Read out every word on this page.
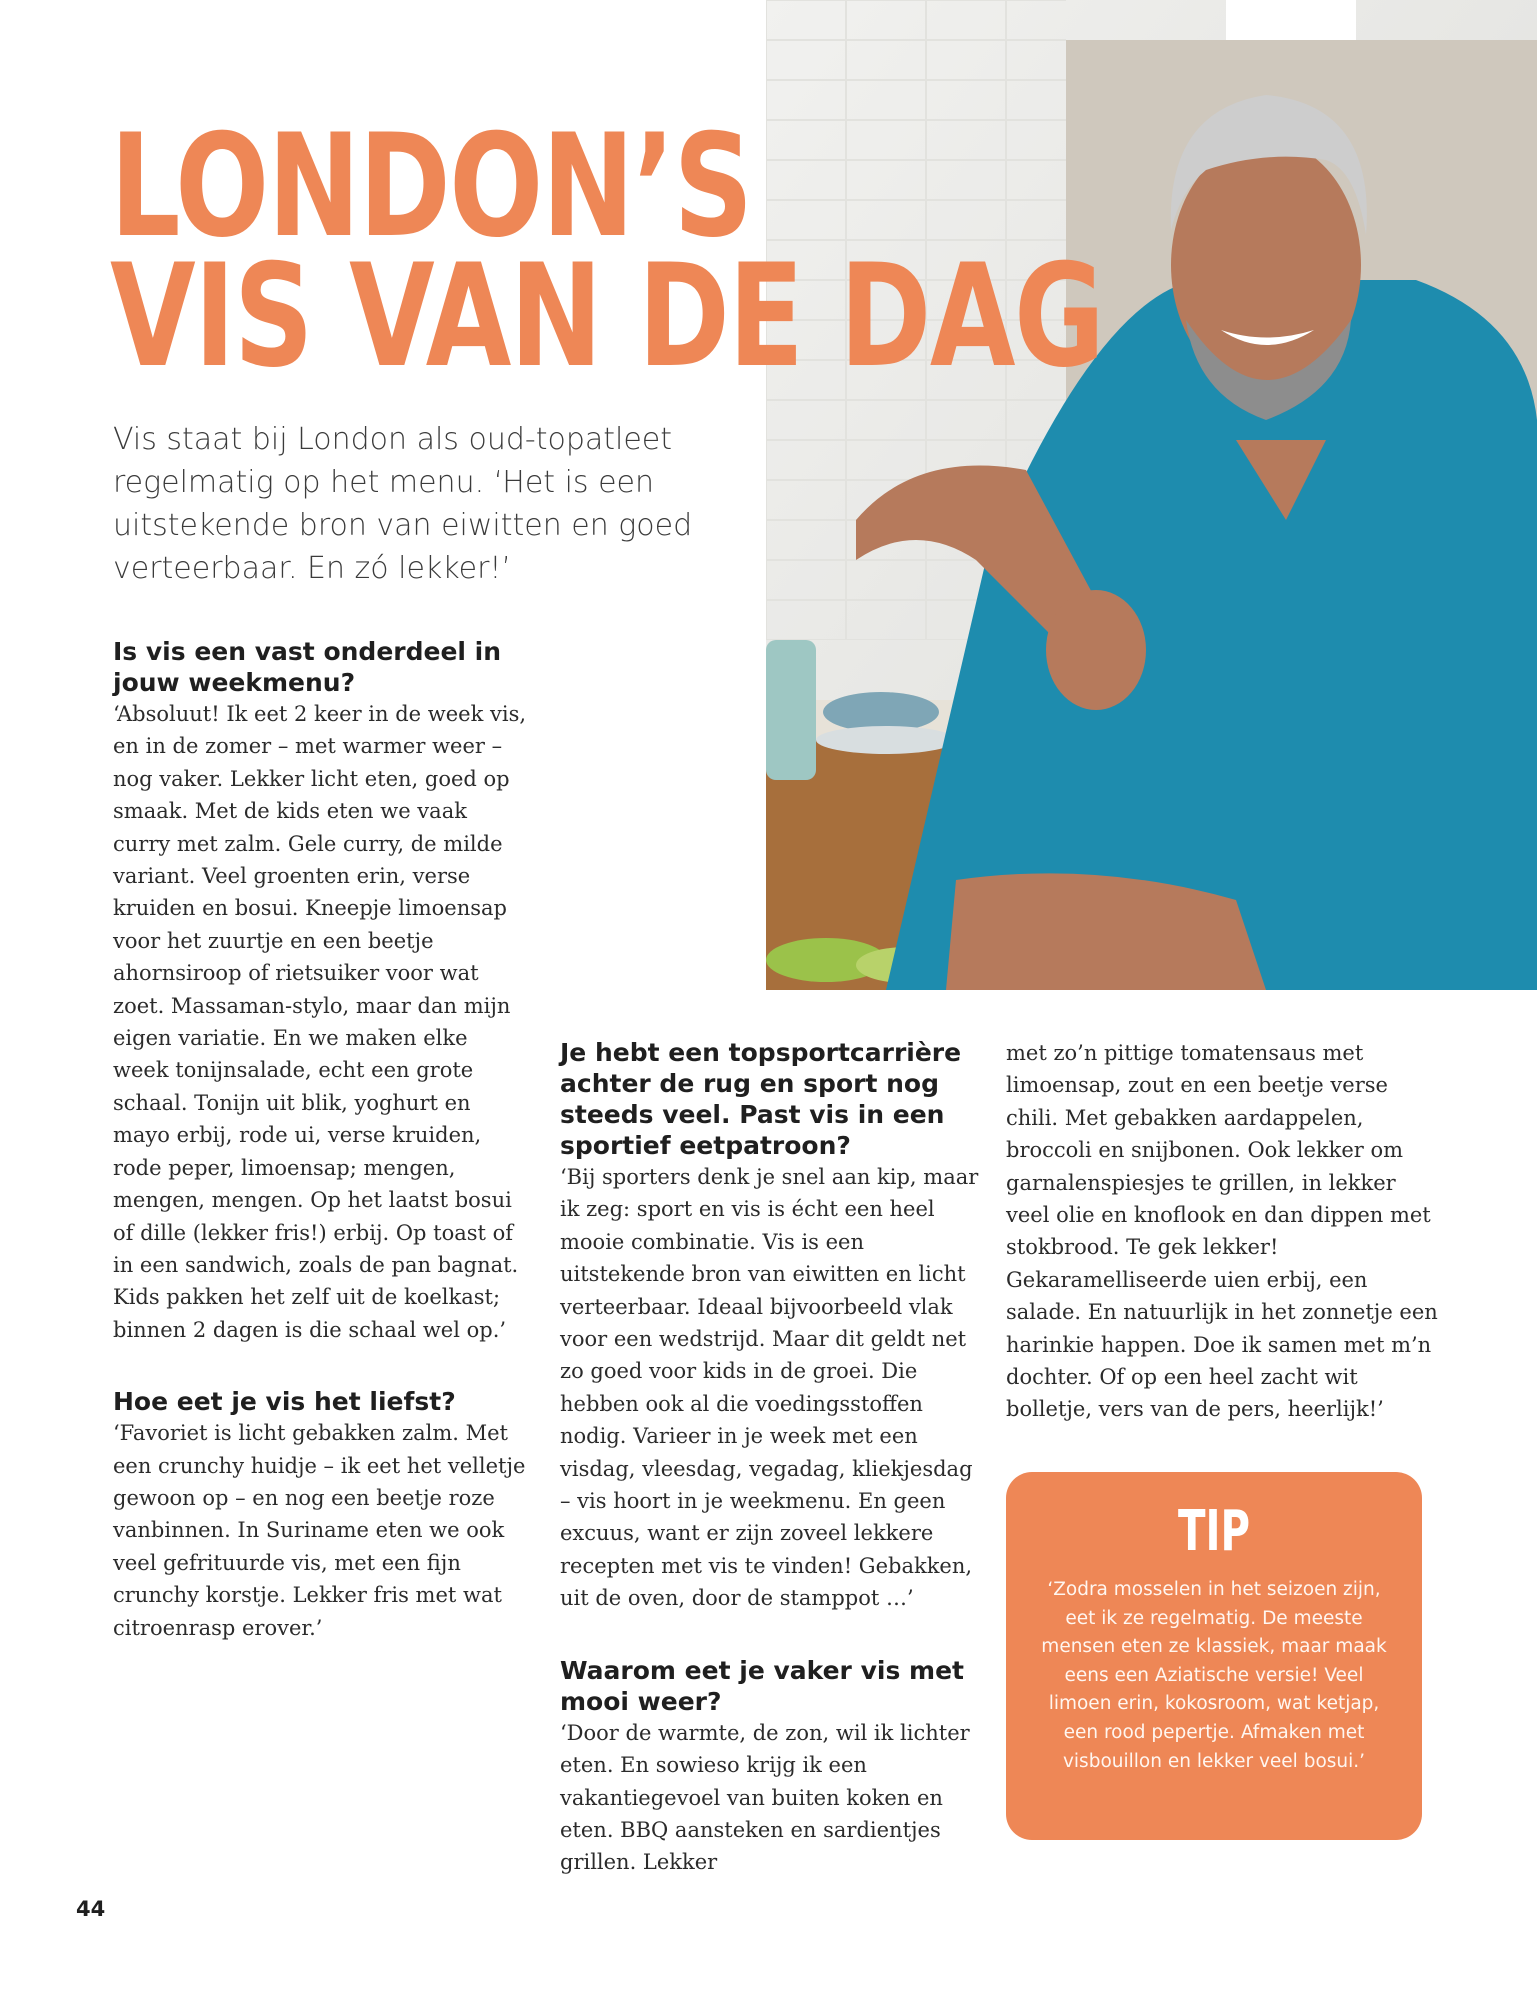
LONDON’S
VIS VAN DE DAG

Vis staat bij London als oud-topatleet regelmatig op het menu. ‘Het is een uitstekende bron van eiwitten en goed verteerbaar. En zó lekker!’

Is vis een vast onderdeel in jouw weekmenu?

‘Absoluut! Ik eet 2 keer in de week vis, en in de zomer – met warmer weer – nog vaker. Lekker licht eten, goed op smaak. Met de kids eten we vaak curry met zalm. Gele curry, de milde variant. Veel groenten erin, verse kruiden en bosui. Kneepje limoensap voor het zuurtje en een beetje ahornsiroop of rietsuiker voor wat zoet. Massaman-stylo, maar dan mijn eigen variatie. En we maken elke week tonijnsalade, echt een grote schaal. Tonijn uit blik, yoghurt en mayo erbij, rode ui, verse kruiden, rode peper, limoensap; mengen, mengen, mengen. Op het laatst bosui of dille (lekker fris!) erbij. Op toast of in een sandwich, zoals de pan bagnat. Kids pakken het zelf uit de koelkast; binnen 2 dagen is die schaal wel op.’

Hoe eet je vis het liefst?

‘Favoriet is licht gebakken zalm. Met een crunchy huidje – ik eet het velletje gewoon op – en nog een beetje roze vanbinnen. In Suriname eten we ook veel gefrituurde vis, met een fijn crunchy korstje. Lekker fris met wat citroenrasp erover.’

Je hebt een topsportcarrière achter de rug en sport nog steeds veel. Past vis in een sportief eetpatroon?

‘Bij sporters denk je snel aan kip, maar ik zeg: sport en vis is écht een heel mooie combinatie. Vis is een uitstekende bron van eiwitten en licht verteerbaar. Ideaal bijvoorbeeld vlak voor een wedstrijd. Maar dit geldt net zo goed voor kids in de groei. Die hebben ook al die voedingsstoffen nodig. Varieer in je week met een visdag, vleesdag, vegadag, kliekjesdag – vis hoort in je weekmenu. En geen excuus, want er zijn zoveel lekkere recepten met vis te vinden! Gebakken, uit de oven, door de stamppot …’

Waarom eet je vaker vis met mooi weer?

‘Door de warmte, de zon, wil ik lichter eten. En sowieso krijg ik een vakantiegevoel van buiten koken en eten. BBQ aansteken en sardientjes grillen. Lekker

met zo’n pittige tomatensaus met limoensap, zout en een beetje verse chili. Met gebakken aardappelen, broccoli en snijbonen. Ook lekker om garnalenspiesjes te grillen, in lekker veel olie en knoflook en dan dippen met stokbrood. Te gek lekker! Gekaramelliseerde uien erbij, een salade. En natuurlijk in het zonnetje een harinkie happen. Doe ik samen met m’n dochter. Of op een heel zacht wit bolletje, vers van de pers, heerlijk!’

TIP
‘Zodra mosselen in het seizoen zijn, eet ik ze regelmatig. De meeste mensen eten ze klassiek, maar maak eens een Aziatische versie! Veel limoen erin, kokosroom, wat ketjap, een rood pepertje. Afmaken met visbouillon en lekker veel bosui.’
44
